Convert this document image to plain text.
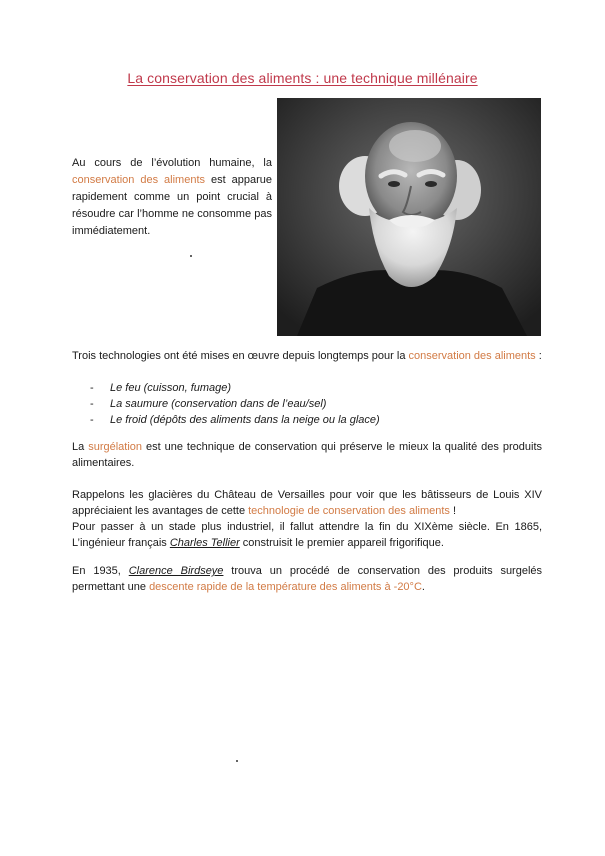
La conservation des aliments : une technique millénaire
Au cours de l’évolution humaine, la conservation des aliments est apparue rapidement comme un point crucial à résoudre car l’homme ne consomme pas immédiatement.
Trois technologies ont été mises en œuvre depuis longtemps pour la conservation des aliments :
- Le feu (cuisson, fumage)
- La saumure (conservation dans de l’eau/sel)
- Le froid (dépôts des aliments dans la neige ou la glace)
La surgélation est une technique de conservation qui préserve le mieux la qualité des produits alimentaires.
Rappelons les glacières du Château de Versailles pour voir que les bâtisseurs de Louis XIV appréciaient les avantages de cette technologie de conservation des aliments !
Pour passer à un stade plus industriel, il fallut attendre la fin du XIXème siècle. En 1865, L’ingénieur français Charles Tellier construisit le premier appareil frigorifique.
En 1935, Clarence Birdseye trouva un procédé de conservation des produits surgelés permettant une descente rapide de la température des aliments à -20°C.
